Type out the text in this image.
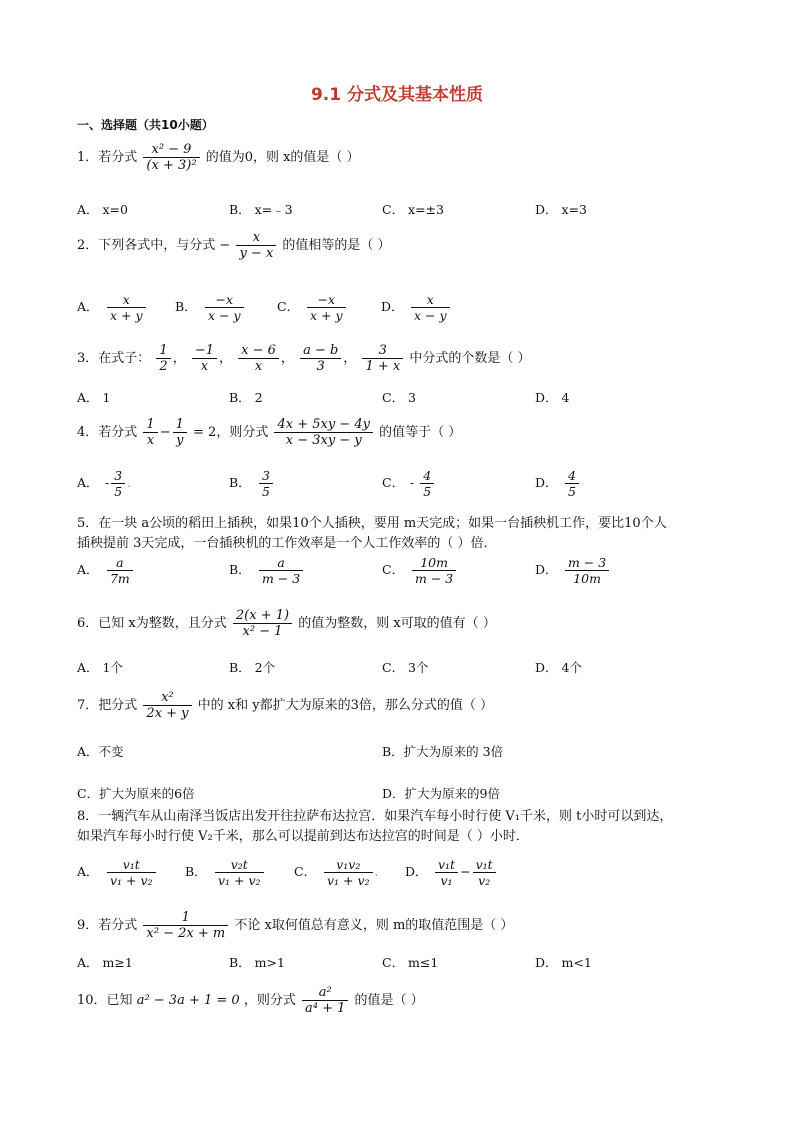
9.1 分式及其基本性质
一、选择题（共10小题）
1．若分式 $\frac{\text{x² − 9}}{\text{(x + 3)²}}$ 的值为0，则 x的值是（ ）
A． x=0	B． x=﹣3	C． x=±3	D． x=3
2．下列各式中，与分式 − $\frac{x}{y - x}$ 的值相等的是（ ）
A． $\frac{x}{x + y}$ B． $\frac{-x}{x - y}$	C． $\frac{-x}{x + y}$	D． $\frac{x}{x - y}$
3．在式子： $\frac{1}{2}$ ， $\frac{-1}{x}$ ， $\frac{x - 6}{x}$ ， $\frac{a - b}{3}$ ， $\frac{3}{1 + x}$ 中分式的个数是（ ）
A． 1	B． 2	C． 3	D． 4
4．若分式 $\frac{1}{x} - \frac{1}{y} = 2$，则分式 $\frac{4x + 5xy - 4y}{x - 3xy - y}$ 的值等于（ ）
A． - $\frac{3}{5}$ .	B． $\frac{3}{5}$	C． - $\frac{4}{5}$	D． $\frac{4}{5}$
5．在一块 a公顷的稻田上插秧，如果10个人插秧，要用 m天完成；如果一台插秧机工作，要比10个人
插秧提前 3天完成，一台插秧机的工作效率是一个人工作效率的（ ）倍．
A． $\frac{a}{7m}$	B． $\frac{a}{m - 3}$	C． $\frac{10m}{m - 3}$	D． $\frac{m - 3}{10m}$
6．已知 x为整数，且分式 $\frac{2(x + 1)}{\text{x² − 1}}$ 的值为整数，则 x可取的值有（ ）
A． 1个	B． 2个	C． 3个	D． 4个
7．把分式 $\frac{\text{x²}}{2x + y}$ 中的 x和 y都扩大为原来的3倍，那么分式的值（ ）
A．不变	B．扩大为原来的 3倍
C．扩大为原来的6倍	D．扩大为原来的9倍
8．一辆汽车从山南泽当饭店出发开往拉萨布达拉宫．如果汽车每小时行使 V₁千米，则 t小时可以到达，
如果汽车每小时行使 V₂千米，那么可以提前到达布达拉宫的时间是（ ）小时．
A． $\frac{\text{v₁t}}{\text{v₁ + v₂}}$ B． $\frac{\text{v₂t}}{\text{v₁ + v₂}}$ C． $\frac{\text{v₁v₂}}{\text{v₁ + v₂}}$ . D． $\frac{\text{v₁t}}{\text{v₁}} - \frac{\text{v₁t}}{\text{v₂}}$
9．若分式 $\frac{1}{\text{x² − 2x + m}}$ 不论 x取何值总有意义，则 m的取值范围是（ ）
A． m≥1	B． m>1	C． m≤1	D． m<1
10．已知 a² − 3a + 1 = 0 ，则分式 $\frac{\text{a²}}{\text{a⁴ + 1}}$ 的值是（ ）
